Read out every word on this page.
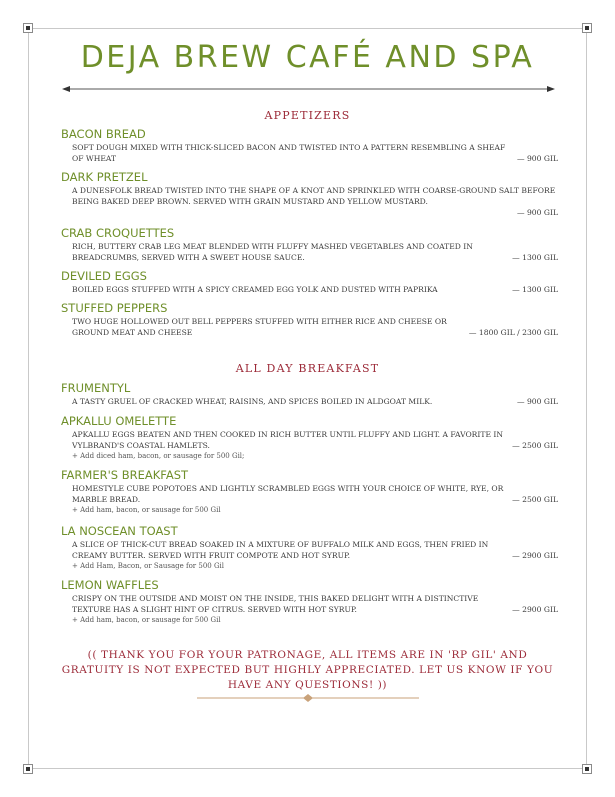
DEJA BREW CAFÉ AND SPA
APPETIZERS
BACON BREAD
— 900 GIL
SOFT DOUGH MIXED WITH THICK-SLICED BACON AND TWISTED INTO A PATTERN RESEMBLING A SHEAF OF WHEAT
DARK PRETZEL
A DUNESFOLK BREAD TWISTED INTO THE SHAPE OF A KNOT AND SPRINKLED WITH COARSE-GROUND SALT BEFORE BEING BAKED DEEP BROWN. SERVED WITH GRAIN MUSTARD AND YELLOW MUSTARD.
— 900 GIL
CRAB CROQUETTES
— 1300 GIL
RICH, BUTTERY CRAB LEG MEAT BLENDED WITH FLUFFY MASHED VEGETABLES AND COATED IN BREADCRUMBS, SERVED WITH A SWEET HOUSE SAUCE.
DEVILED EGGS
— 1300 GIL
BOILED EGGS STUFFED WITH A SPICY CREAMED EGG YOLK AND DUSTED WITH PAPRIKA
STUFFED PEPPERS
— 1800 GIL / 2300 GIL
TWO HUGE HOLLOWED OUT BELL PEPPERS STUFFED WITH EITHER RICE AND CHEESE OR GROUND MEAT AND CHEESE
ALL DAY BREAKFAST
FRUMENTYL
— 900 GIL
A TASTY GRUEL OF CRACKED WHEAT, RAISINS, AND SPICES BOILED IN ALDGOAT MILK.
APKALLU OMELETTE
— 2500 GIL
APKALLU EGGS BEATEN AND THEN COOKED IN RICH BUTTER UNTIL FLUFFY AND LIGHT. A FAVORITE IN VYLBRAND'S COASTAL HAMLETS.
+ Add diced ham, bacon, or sausage for 500 Gil;
FARMER'S BREAKFAST
— 2500 GIL
HOMESTYLE CUBE POPOTOES AND LIGHTLY SCRAMBLED EGGS WITH YOUR CHOICE OF WHITE, RYE, OR MARBLE BREAD.
+ Add ham, bacon, or sausage for 500 Gil
LA NOSCEAN TOAST
— 2900 GIL
A SLICE OF THICK-CUT BREAD SOAKED IN A MIXTURE OF BUFFALO MILK AND EGGS, THEN FRIED IN CREAMY BUTTER. SERVED WITH FRUIT COMPOTE AND HOT SYRUP.
+ Add Ham, Bacon, or Sausage for 500 Gil
LEMON WAFFLES
— 2900 GIL
CRISPY ON THE OUTSIDE AND MOIST ON THE INSIDE, THIS BAKED DELIGHT WITH A DISTINCTIVE TEXTURE HAS A SLIGHT HINT OF CITRUS. SERVED WITH HOT SYRUP.
+ Add ham, bacon, or sausage for 500 Gil
(( THANK YOU FOR YOUR PATRONAGE, ALL ITEMS ARE IN 'RP GIL' AND GRATUITY IS NOT EXPECTED BUT HIGHLY APPRECIATED. LET US KNOW IF YOU HAVE ANY QUESTIONS! ))
